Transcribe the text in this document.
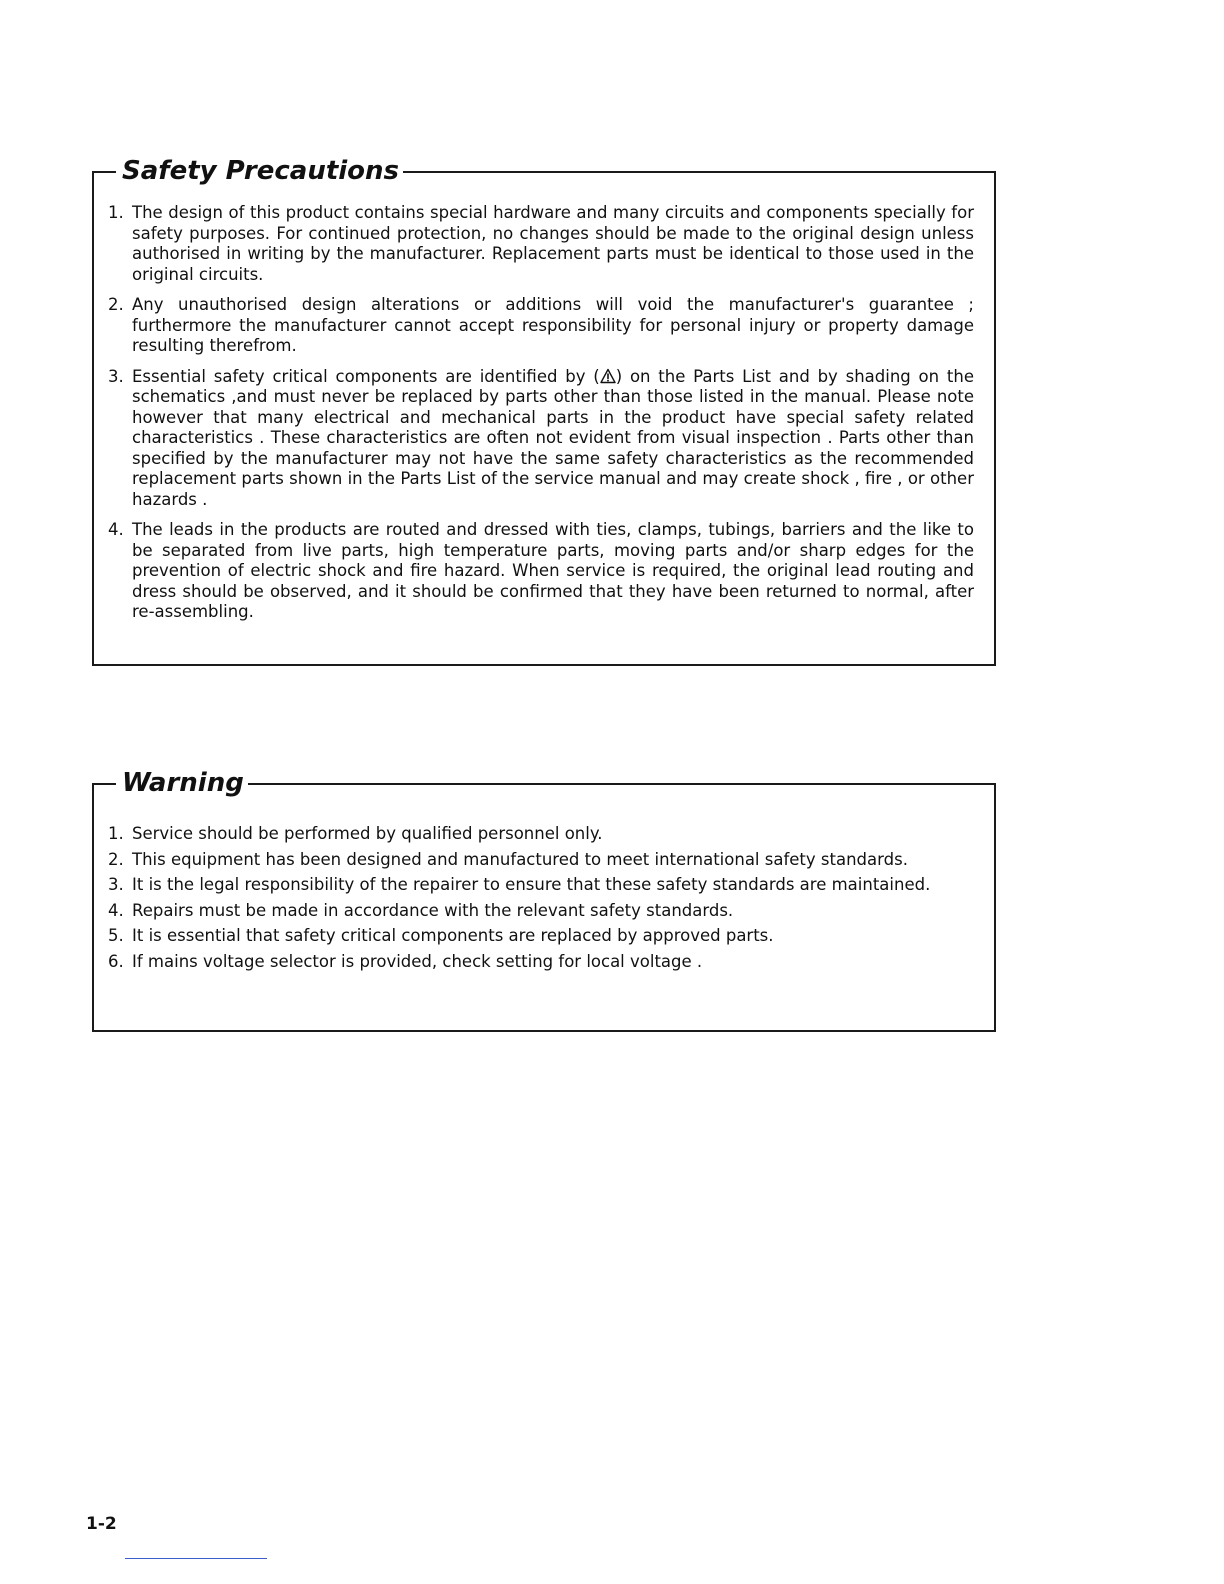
Safety Precautions
1. The design of this product contains special hardware and many circuits and components specially for safety purposes. For continued protection, no changes should be made to the original design unless authorised in writing by the manufacturer. Replacement parts must be identical to those used in the original circuits.
2. Any unauthorised design alterations or additions will void the manufacturer's guarantee ; furthermore the manufacturer cannot accept responsibility for personal injury or property damage resulting therefrom.
3. Essential safety critical components are identified by ( ) on the Parts List and by shading on the schematics ,and must never be replaced by parts other than those listed in the manual. Please note however that many electrical and mechanical parts in the product have special safety related characteristics . These characteristics are often not evident from visual inspection . Parts other than specified by the manufacturer may not have the same safety characteristics as the recommended replacement parts shown in the Parts List of the service manual and may create shock , fire , or other hazards .
4. The leads in the products are routed and dressed with ties, clamps, tubings, barriers and the like to be separated from live parts, high temperature parts, moving parts and/or sharp edges for the prevention of electric shock and fire hazard. When service is required, the original lead routing and dress should be observed, and it should be confirmed that they have been returned to normal, after re-assembling.
Warning
1. Service should be performed by qualified personnel only.
2. This equipment has been designed and manufactured to meet international safety standards.
3. It is the legal responsibility of the repairer to ensure that these safety standards are maintained.
4. Repairs must be made in accordance with the relevant safety standards.
5. It is essential that safety critical components are replaced by approved parts.
6. If mains voltage selector is provided, check setting for local voltage .

1-2
